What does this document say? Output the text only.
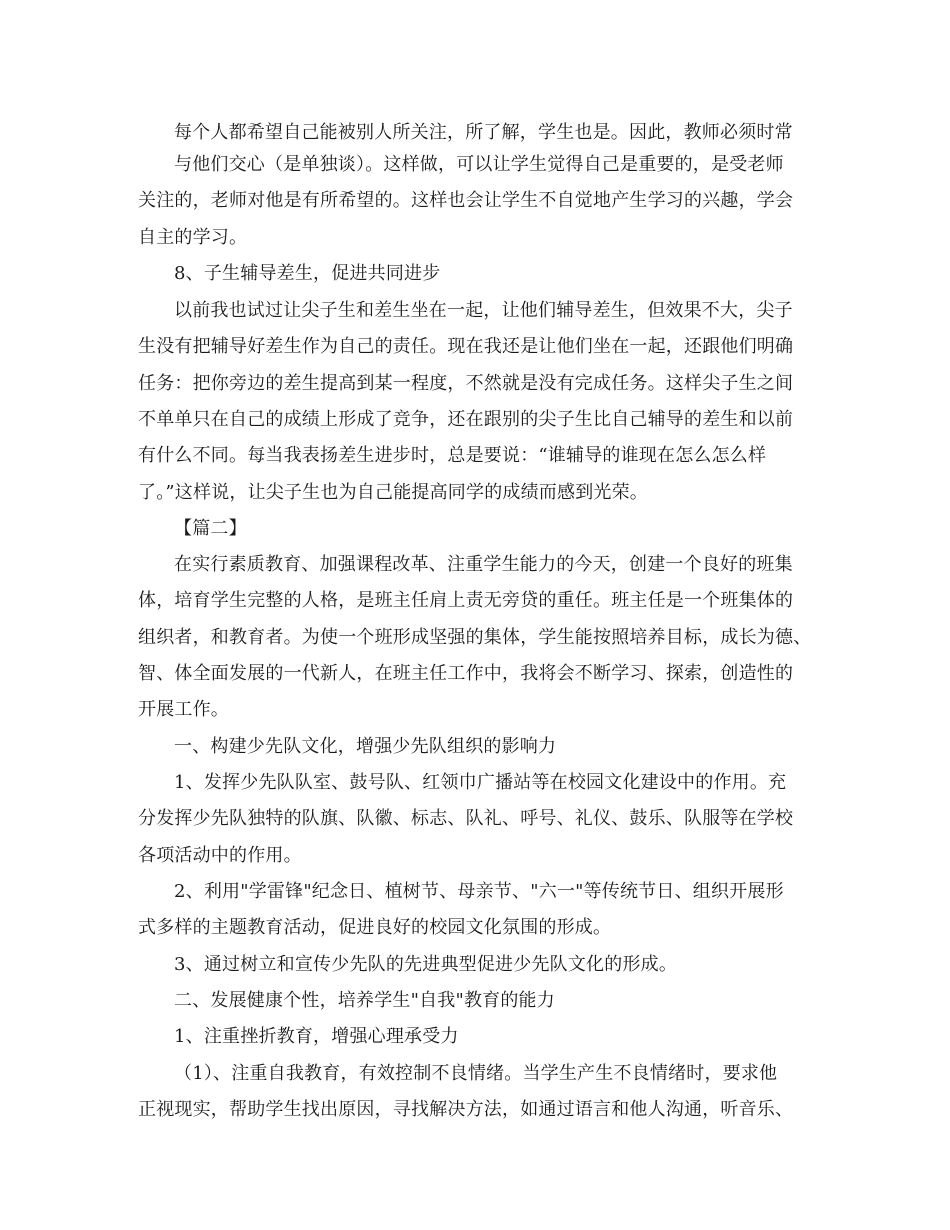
每个人都希望自己能被别人所关注，所了解，学生也是。因此，教师必须时常
与他们交心（是单独谈）。这样做，可以让学生觉得自己是重要的，是受老师
关注的，老师对他是有所希望的。这样也会让学生不自觉地产生学习的兴趣，学会
自主的学习。
8、子生辅导差生，促进共同进步
以前我也试过让尖子生和差生坐在一起，让他们辅导差生，但效果不大，尖子
生没有把辅导好差生作为自己的责任。现在我还是让他们坐在一起，还跟他们明确
任务：把你旁边的差生提高到某一程度，不然就是没有完成任务。这样尖子生之间
不单单只在自己的成绩上形成了竞争，还在跟别的尖子生比自己辅导的差生和以前
有什么不同。每当我表扬差生进步时，总是要说：“谁辅导的谁现在怎么怎么样
了。”这样说，让尖子生也为自己能提高同学的成绩而感到光荣。
【篇二】
在实行素质教育、加强课程改革、注重学生能力的今天，创建一个良好的班集
体，培育学生完整的人格，是班主任肩上责无旁贷的重任。班主任是一个班集体的
组织者，和教育者。为使一个班形成坚强的集体，学生能按照培养目标，成长为德、
智、体全面发展的一代新人，在班主任工作中，我将会不断学习、探索，创造性的
开展工作。
一、构建少先队文化，增强少先队组织的影响力
1、发挥少先队队室、鼓号队、红领巾广播站等在校园文化建设中的作用。充
分发挥少先队独特的队旗、队徽、标志、队礼、呼号、礼仪、鼓乐、队服等在学校
各项活动中的作用。
2、利用"学雷锋"纪念日、植树节、母亲节、"六一"等传统节日、组织开展形
式多样的主题教育活动，促进良好的校园文化氛围的形成。
3、通过树立和宣传少先队的先进典型促进少先队文化的形成。
二、发展健康个性，培养学生"自我"教育的能力
1、注重挫折教育，增强心理承受力
（1）、注重自我教育，有效控制不良情绪。当学生产生不良情绪时，要求他
正视现实，帮助学生找出原因，寻找解决方法，如通过语言和他人沟通，听音乐、
